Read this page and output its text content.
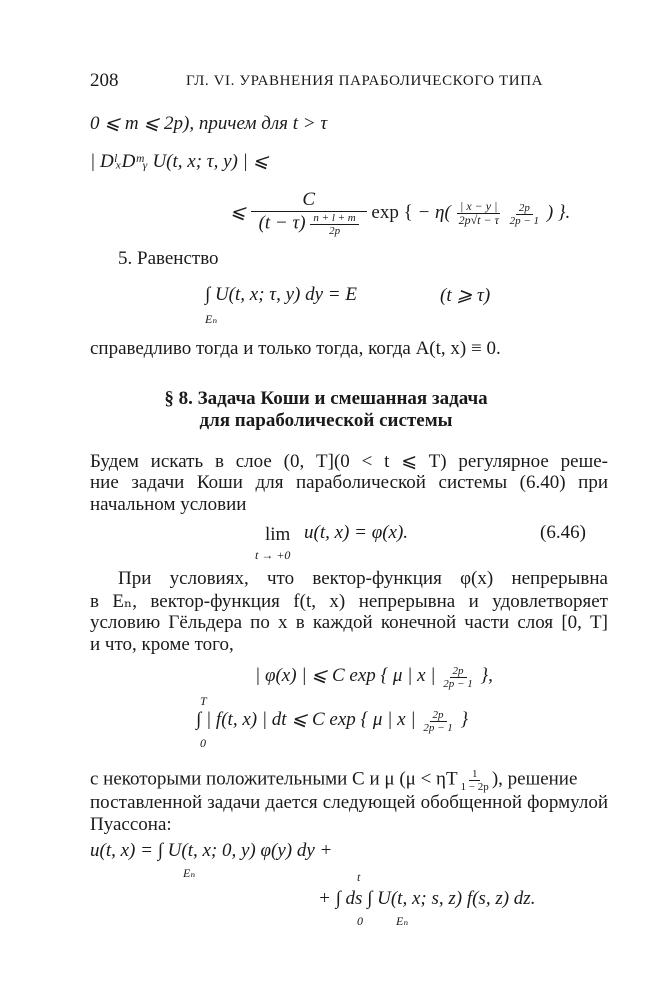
208	ГЛ. VI. УРАВНЕНИЯ ПАРАБОЛИЧЕСКОГО ТИПА
0 ⩽ m ⩽ 2p), причем для t > τ
| DˡₓDᵐᵧ U(t, x; τ, y) | ⩽
⩽ C
(t − τ) $^{\frac{n + l + m}{2p}}$ exp { − $\eta( \frac{| x - y |}{2p√t - \tau}$
$^{\frac{2p}{2p - 1}}$ ) }.
5. Равенство
∫ U(t, x; τ, y) dy = E
Eₙ
(t ⩾ τ)
справедливо тогда и только тогда, когда A(t, x) ≡ 0.
§ 8. Задача Коши и смешанная задача
для параболической системы
Будем искать в слое (0, T](0 < t ⩽ T) регулярное реше-
ние задачи Коши для параболической системы (6.40) при
начальном условии
lim
t → +0
u(t, x) = φ(x).	(6.46)
При условиях, что вектор-функция φ(x) непрерывна
в Eₙ, вектор-функция f(t, x) непрерывна и удовлетворяет
условию Гёльдера по x в каждой конечной части слоя [0, T]
и что, кроме того,
| φ(x) | ⩽ C exp { μ | x | $^{\frac{2p}{2p - 1}}$ },
T
∫ | f(t, x) | dt ⩽ C exp { μ | x | $^{\frac{2p}{2p - 1}}$ }
0
с некоторыми положительными C и μ (μ < ηT $^{\frac{1}{1 - 2p}}$ ), решение
поставленной задачи дается следующей обобщенной формулой
Пуассона:
u(t, x) = ∫ U(t, x; 0, y) φ(y) dy +
Eₙ	t
+ ∫ ds ∫ U(t, x; s, z) f(s, z) dz.
0	Eₙ
